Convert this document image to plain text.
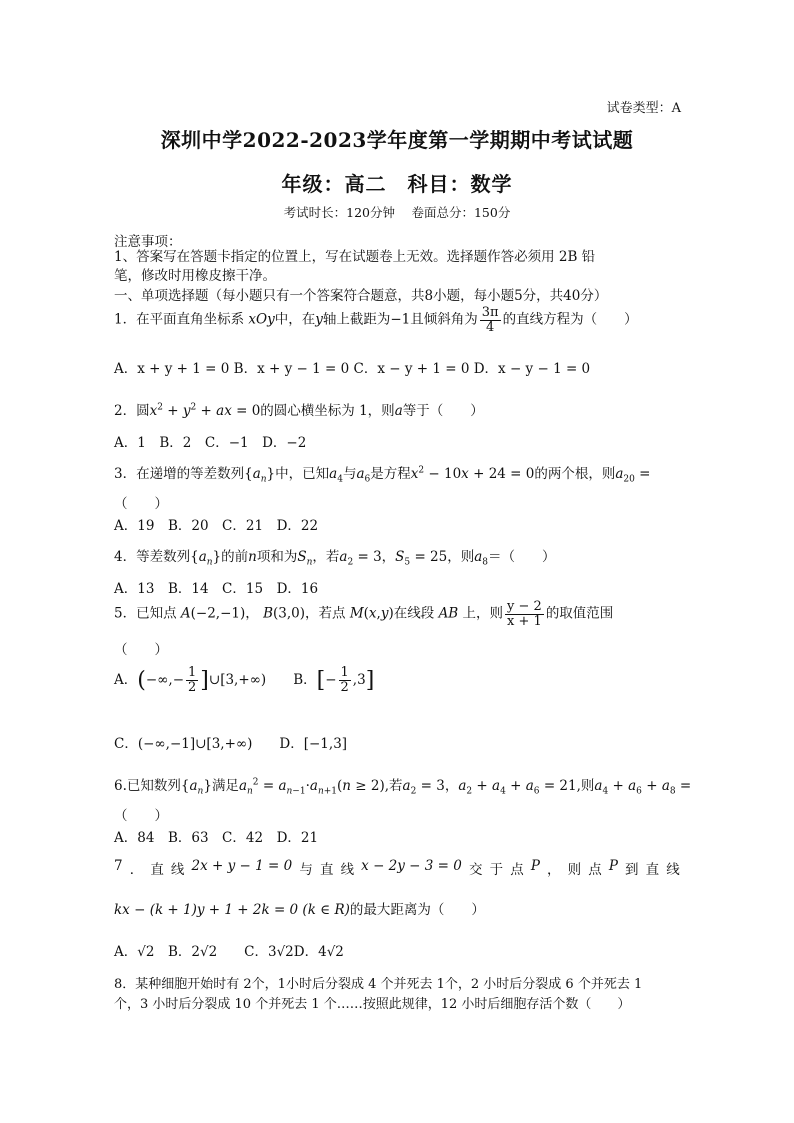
试卷类型：A
深圳中学2022-2023学年度第一学期期中考试试题
年级：高二　科目：数学
考试时长：120分钟　 卷面总分：150分
注意事项：
1、答案写在答题卡指定的位置上，写在试题卷上无效。选择题作答必须用 2B 铅
笔，修改时用橡皮擦干净。
一、单项选择题（每小题只有一个答案符合题意，共8小题，每小题5分，共40分）
1．在平面直角坐标系 xOy中，在y轴上截距为−1且倾斜角为 $\frac{3\pi}{4}$ 的直线方程为（　　）
A．x + y + 1 = 0 B．x + y − 1 = 0 C．x − y + 1 = 0 D．x − y − 1 = 0
2．圆$x^2 + y^2$ + ax = 0的圆心横坐标为 1，则a等于（　　）
A．1　 B．2　 C．−1　 D．−2
3．在递增的等差数列$\{a_n\}$中，已知$a_4$与$a_6$是方程$x^2 - 10x + 24 = 0$的两个根，则$a_{20}$ =
（　　）
A．19　 B．20　 C．21　 D．22
4．等差数列$\{a_n\}$的前n项和为$S_n$，若$a_2 = 3$，$S_5 = 25$，则$a_8=$（　　）
A．13　 B．14　 C．15　 D．16
5．已知点 A(−2,−1)， B(3,0)，若点 M(x,y)在线段 AB 上，则 $\frac{y - 2}{x + 1}$ 的取值范围
（　　）
A．(−∞,− $\frac{1}{2}$ ]∪[3,+∞)　　 B．[− $\frac{1}{2} ,3$]
C．(−∞,−1]∪[3,+∞)　　 D．[−1,3]
6.已知数列$\{a_n\}$满足$a_n^2 = a_{n-1}\cdot a_{n+1}(n \ge 2)$,若$a_2 = 3$，$a_2 + a_4 + a_6 = 21$,则$a_4 + a_6 + a_8$ =
（　　）
A．84　 B．63　 C．42　 D．21
7 ． 直 线 2x + y − 1 = 0 与 直 线 x − 2y − 3 = 0 交 于 点 P ， 则 点 P 到 直 线
kx − (k + 1)y + 1 + 2k = 0 (k ∈ R)的最大距离为（　　）
A．√2　 B．2√2　　 C．3√2D．4√2
8．某种细胞开始时有 2个，1小时后分裂成 4 个并死去 1个，2 小时后分裂成 6 个并死去 1
个，3 小时后分裂成 10 个并死去 1 个……按照此规律，12 小时后细胞存活个数（　　）
